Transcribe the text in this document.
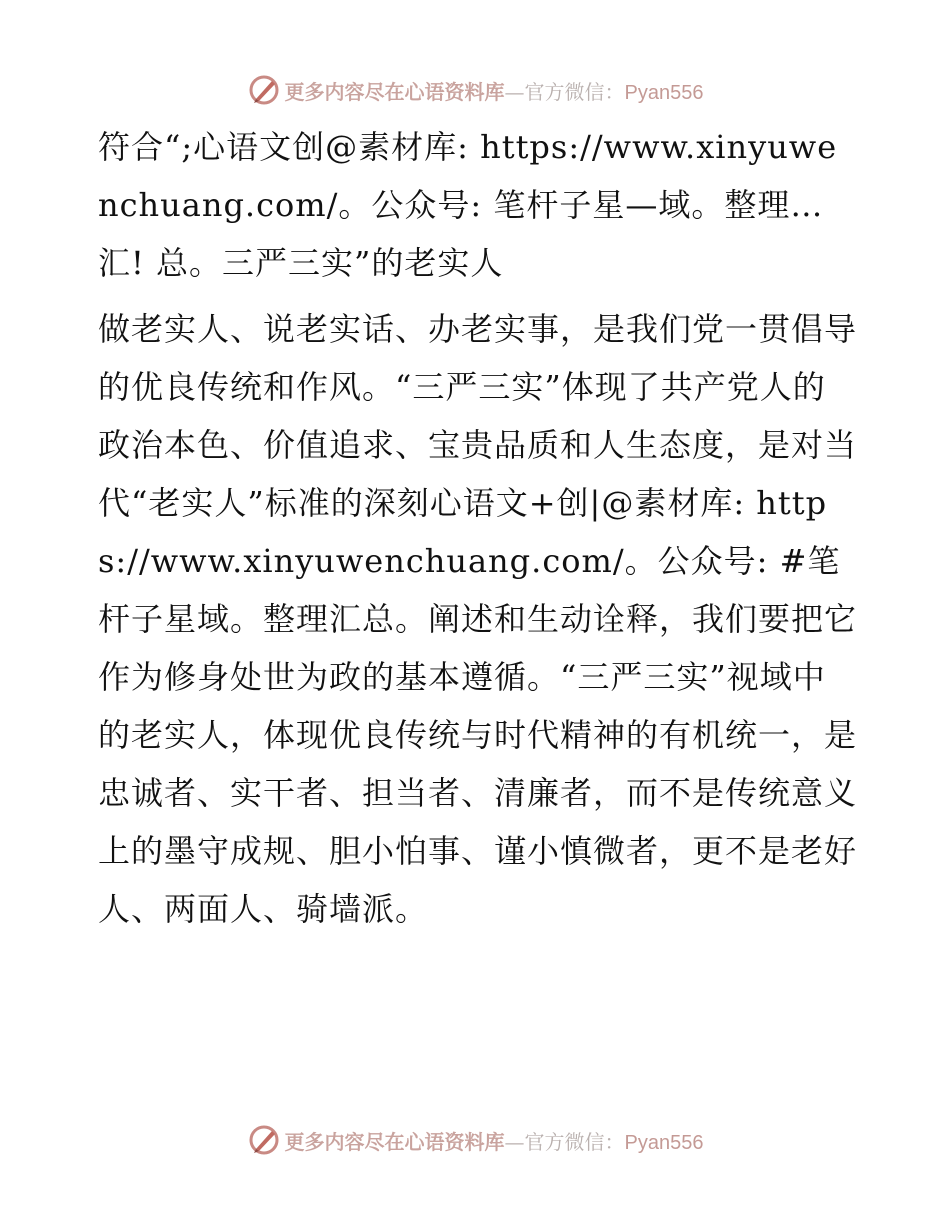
更多内容尽在心语资料库—官方微信：Pyan556

符合“;心语文创@素材库: https://www.xinyuwenchuang.com/。公众号: 笔杆子星—域。整理…汇! 总。三严三实”的老实人

做老实人、说老实话、办老实事，是我们党一贯倡导的优良传统和作风。“三严三实”体现了共产党人的政治本色、价值追求、宝贵品质和人生态度，是对当代“老实人”标准的深刻心语文+创|@素材库: https://www.xinyuwenchuang.com/。公众号: #笔杆子星域。整理汇总。阐述和生动诠释，我们要把它作为修身处世为政的基本遵循。“三严三实”视域中的老实人，体现优良传统与时代精神的有机统一，是忠诚者、实干者、担当者、清廉者，而不是传统意义上的墨守成规、胆小怕事、谨小慎微者，更不是老好人、两面人、骑墙派。

更多内容尽在心语资料库—官方微信：Pyan556
